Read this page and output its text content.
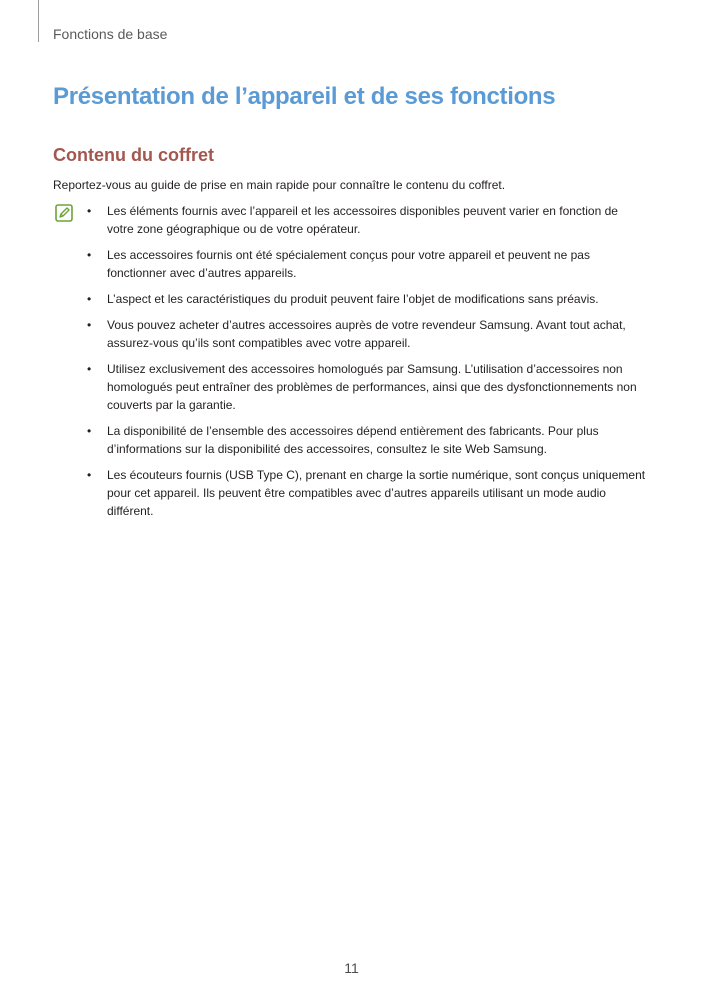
Fonctions de base
Présentation de l’appareil et de ses fonctions
Contenu du coffret
Reportez-vous au guide de prise en main rapide pour connaître le contenu du coffret.
• Les éléments fournis avec l’appareil et les accessoires disponibles peuvent varier en fonction de votre zone géographique ou de votre opérateur.
• Les accessoires fournis ont été spécialement conçus pour votre appareil et peuvent ne pas fonctionner avec d’autres appareils.
• L’aspect et les caractéristiques du produit peuvent faire l’objet de modifications sans préavis.
• Vous pouvez acheter d’autres accessoires auprès de votre revendeur Samsung. Avant tout achat, assurez-vous qu’ils sont compatibles avec votre appareil.
• Utilisez exclusivement des accessoires homologués par Samsung. L’utilisation d’accessoires non homologués peut entraîner des problèmes de performances, ainsi que des dysfonctionnements non couverts par la garantie.
• La disponibilité de l’ensemble des accessoires dépend entièrement des fabricants. Pour plus d’informations sur la disponibilité des accessoires, consultez le site Web Samsung.
• Les écouteurs fournis (USB Type C), prenant en charge la sortie numérique, sont conçus uniquement pour cet appareil. Ils peuvent être compatibles avec d’autres appareils utilisant un mode audio différent.
11
